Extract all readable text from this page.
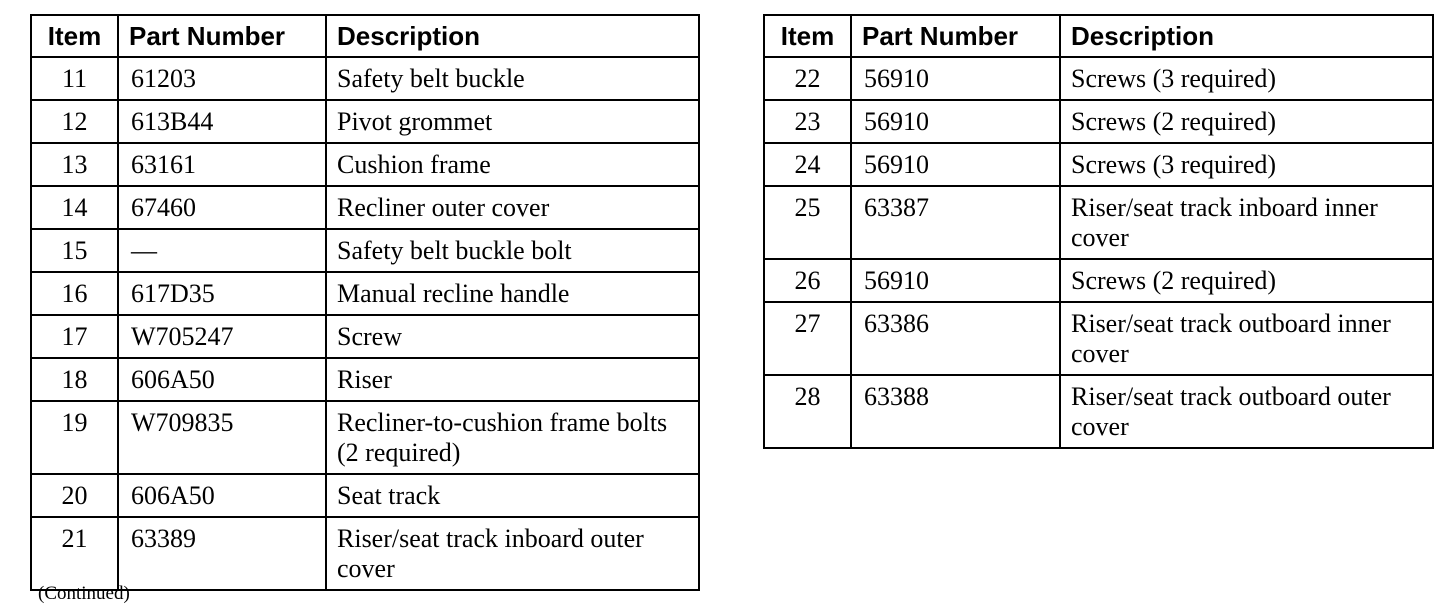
Item	Part Number	Description
11	61203	Safety belt buckle
12	613B44	Pivot grommet
13	63161	Cushion frame
14	67460	Recliner outer cover
15	—	Safety belt buckle bolt
16	617D35	Manual recline handle
17	W705247	Screw
18	606A50	Riser
19	W709835	Recliner-to-cushion frame bolts (2 required)
20	606A50	Seat track
21	63389	Riser/seat track inboard outer cover
Item	Part Number	Description
22	56910	Screws (3 required)
23	56910	Screws (2 required)
24	56910	Screws (3 required)
25	63387	Riser/seat track inboard inner cover
26	56910	Screws (2 required)
27	63386	Riser/seat track outboard inner cover
28	63388	Riser/seat track outboard outer cover
(Continued)
